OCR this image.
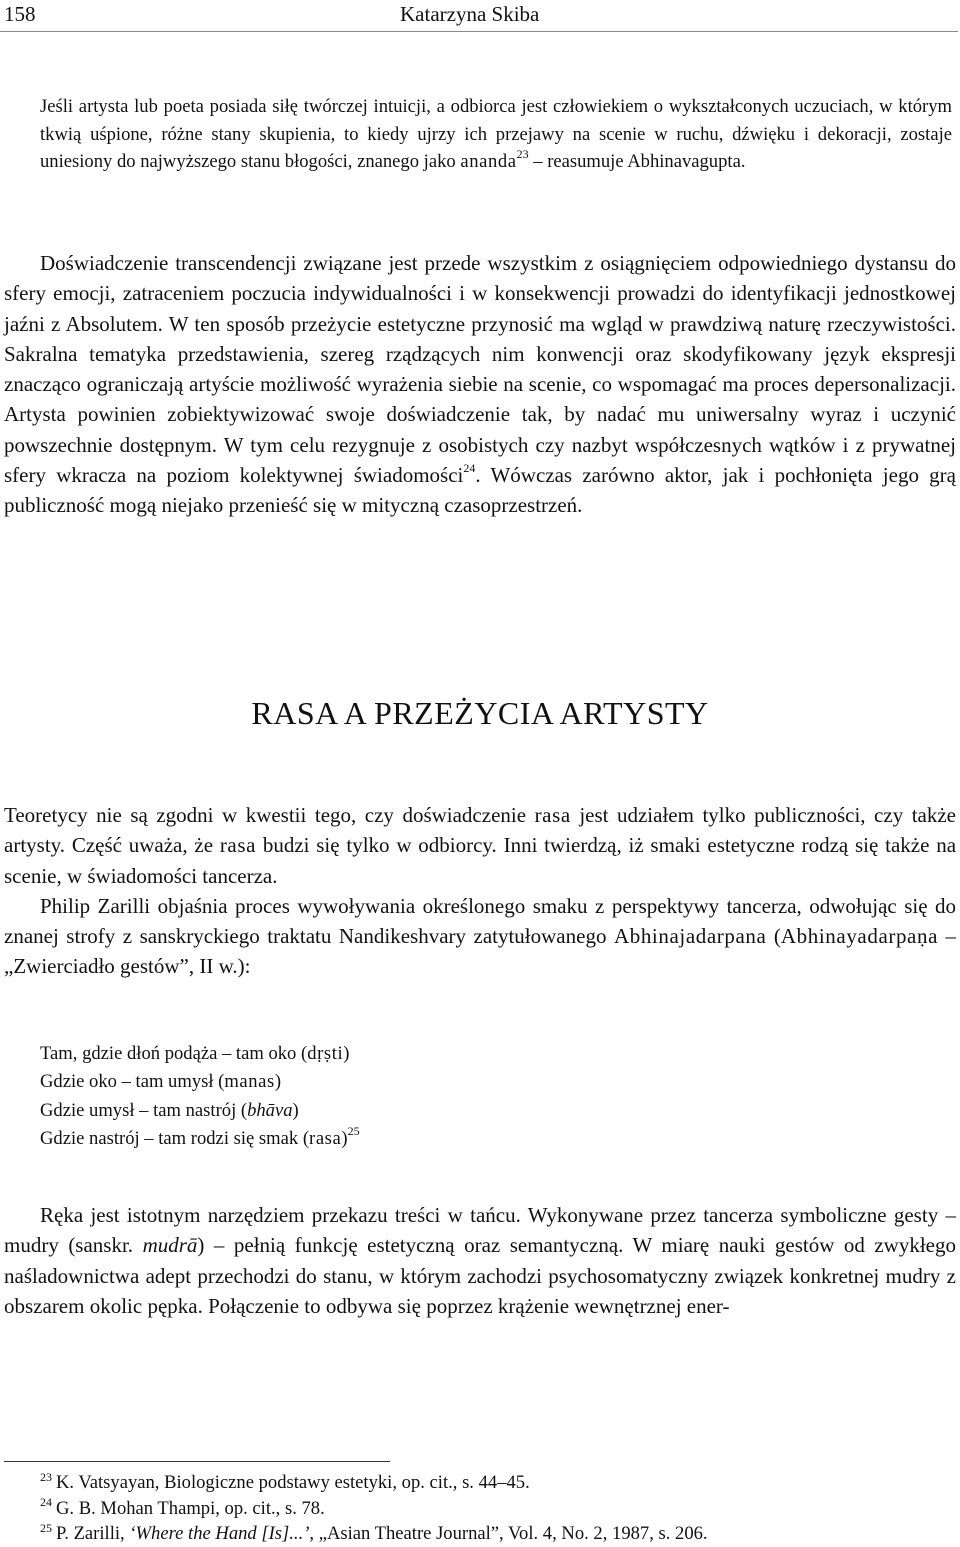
158	Katarzyna Skiba
Jeśli artysta lub poeta posiada siłę twórczej intuicji, a odbiorca jest człowiekiem o wykształconych uczuciach, w którym tkwią uśpione, różne stany skupienia, to kiedy ujrzy ich przejawy na scenie w ruchu, dźwięku i dekoracji, zostaje uniesiony do najwyższego stanu błogości, znanego jako ananda$^{23}$ – reasumuje Abhinavagupta.
Doświadczenie transcendencji związane jest przede wszystkim z osiągnięciem odpowiedniego dystansu do sfery emocji, zatraceniem poczucia indywidualności i w konsekwencji prowadzi do identyfikacji jednostkowej jaźni z Absolutem. W ten sposób przeżycie estetyczne przynosić ma wgląd w prawdziwą naturę rzeczywistości. Sakralna tematyka przedstawienia, szereg rządzących nim konwencji oraz skodyfikowany język ekspresji znacząco ograniczają artyście możliwość wyrażenia siebie na scenie, co wspomagać ma proces depersonalizacji. Artysta powinien zobiektywizować swoje doświadczenie tak, by nadać mu uniwersalny wyraz i uczynić powszechnie dostępnym. W tym celu rezygnuje z osobistych czy nazbyt współczesnych wątków i z prywatnej sfery wkracza na poziom kolektywnej świadomości$^{24}$. Wówczas zarówno aktor, jak i pochłonięta jego grą publiczność mogą niejako przenieść się w mityczną czasoprzestrzeń.
RASA A PRZEŻYCIA ARTYSTY
Teoretycy nie są zgodni w kwestii tego, czy doświadczenie rasa jest udziałem tylko publiczności, czy także artysty. Część uważa, że rasa budzi się tylko w odbiorcy. Inni twierdzą, iż smaki estetyczne rodzą się także na scenie, w świadomości tancerza.
Philip Zarilli objaśnia proces wywoływania określonego smaku z perspektywy tancerza, odwołując się do znanej strofy z sanskryckiego traktatu Nandikeshvary zatytułowanego Abhinajadarpana (Abhinayadarpaṇa – „Zwierciadło gestów”, II w.):
Tam, gdzie dłoń podąża – tam oko (dṛṣti)
Gdzie oko – tam umysł (manas)
Gdzie umysł – tam nastrój (bhāva)
Gdzie nastrój – tam rodzi się smak (rasa)$^{25}$
Ręka jest istotnym narzędziem przekazu treści w tańcu. Wykonywane przez tancerza symboliczne gesty – mudry (sanskr. mudrā) – pełnią funkcję estetyczną oraz semantyczną. W miarę nauki gestów od zwykłego naśladownictwa adept przechodzi do stanu, w którym zachodzi psychosomatyczny związek konkretnej mudry z obszarem okolic pępka. Połączenie to odbywa się poprzez krążenie wewnętrznej ener-
$^{23}$ K. Vatsyayan, Biologiczne podstawy estetyki, op. cit., s. 44–45.
$^{24}$ G. B. Mohan Thampi, op. cit., s. 78.
$^{25}$ P. Zarilli, ‘Where the Hand [Is]...’, „Asian Theatre Journal”, Vol. 4, No. 2, 1987, s. 206.
